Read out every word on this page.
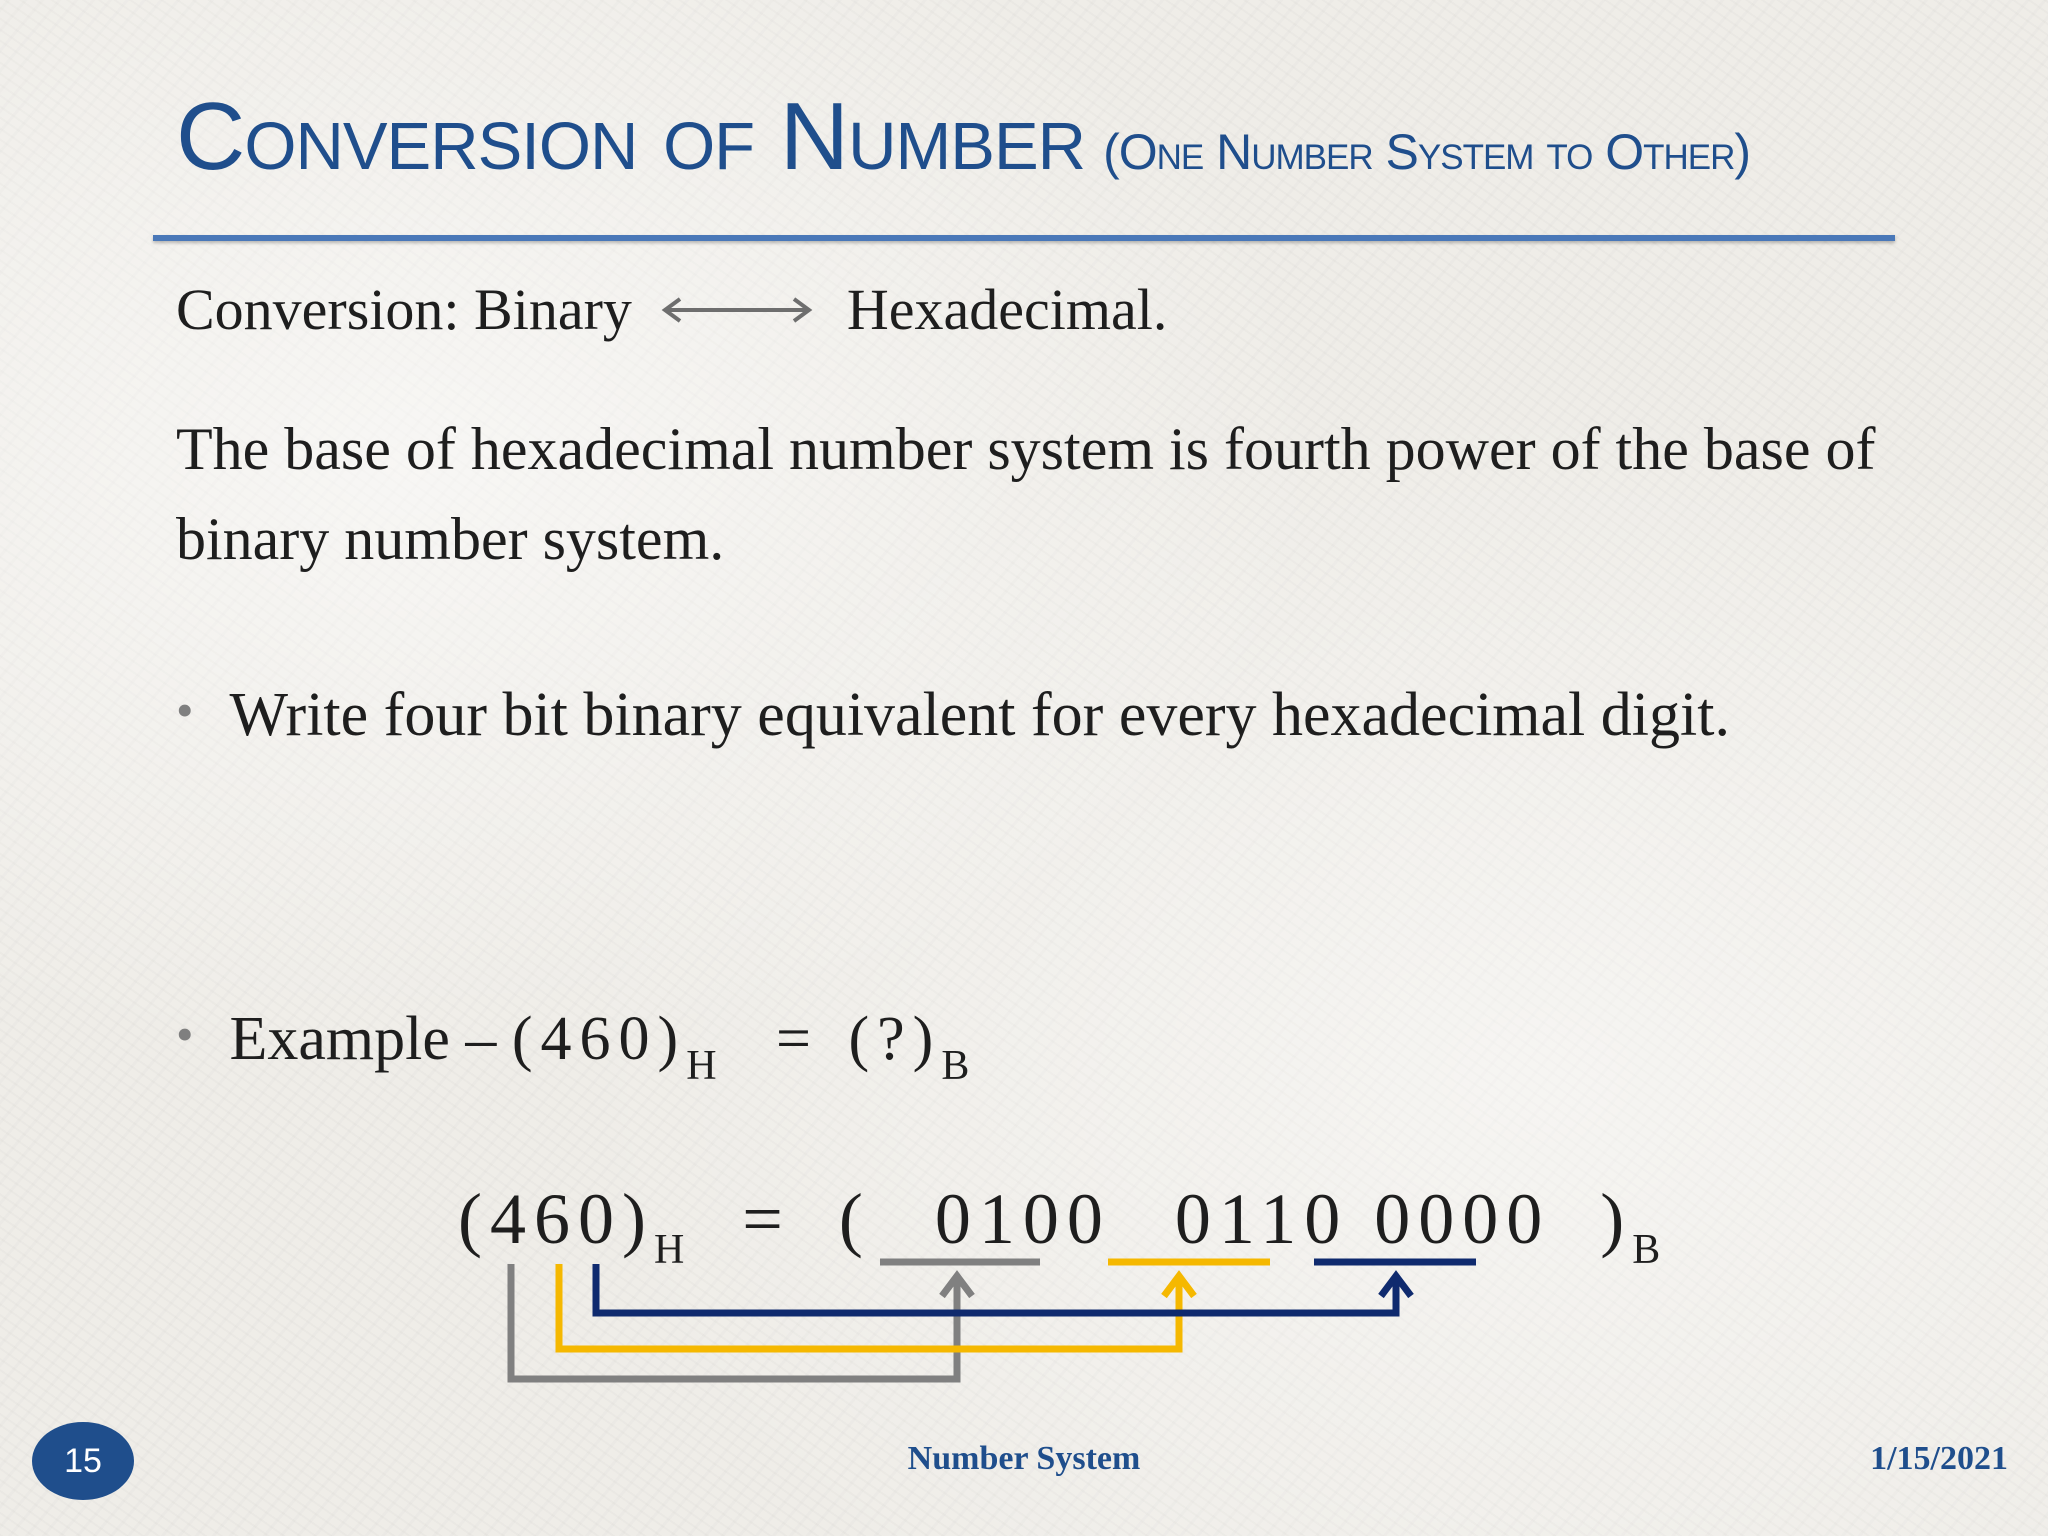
Conversion of Number (One Number System to Other)
Conversion: Binary	Hexadecimal.
The base of hexadecimal number system is fourth power of the base of binary number system.
• Write four bit binary equivalent for every hexadecimal digit.
• Example – $(460)_H$ = $(?)_B$
$(460)_H$ = ( 0100 0110 0000 )$_B$
15	Number System	1/15/2021
